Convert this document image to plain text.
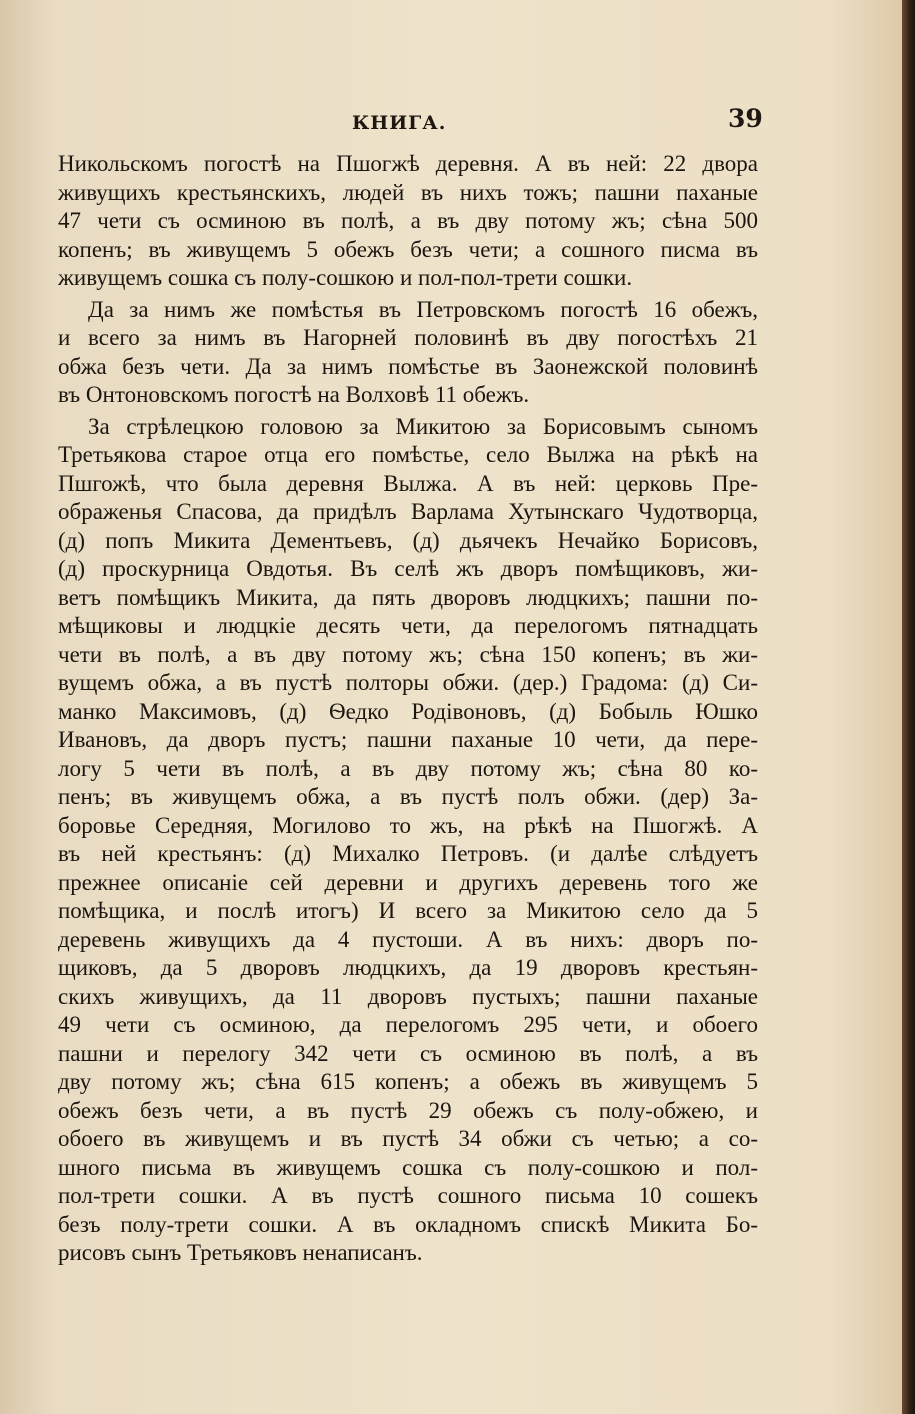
КНИГА.	39
Никольскомъ погостѣ на Пшогжѣ деревня. А въ ней: 22 двора
живущихъ крестьянскихъ, людей въ нихъ тожъ; пашни паханые
47 чети съ осминою въ полѣ, а въ дву потому жъ; сѣна 500
копенъ; въ живущемъ 5 обежъ безъ чети; а сошного писма въ
живущемъ сошка съ полу-сошкою и пол-пол-трети сошки.
Да за нимъ же помѣстья въ Петровскомъ погостѣ 16 обежъ,
и всего за нимъ въ Нагорней половинѣ въ дву погостѣхъ 21
обжа безъ чети. Да за нимъ помѣстье въ Заонежской половинѣ
въ Онтоновскомъ погостѣ на Волховѣ 11 обежъ.
За стрѣлецкою головою за Микитою за Борисовымъ сыномъ
Третьякова старое отца его помѣстье, село Вылжа на рѣкѣ на
Пшгожѣ, что была деревня Вылжа. А въ ней: церковь Пре-
ображенья Спасова, да придѣлъ Варлама Хутынскаго Чудотворца,
(д) попъ Микита Дементьевъ, (д) дьячекъ Нечайко Борисовъ,
(д) проскурница Овдотья. Въ селѣ жъ дворъ помѣщиковъ, жи-
ветъ помѣщикъ Микита, да пять дворовъ людцкихъ; пашни по-
мѣщиковы и людцкіе десять чети, да перелогомъ пятнадцать
чети въ полѣ, а въ дву потому жъ; сѣна 150 копенъ; въ жи-
вущемъ обжа, а въ пустѣ полторы обжи. (дер.) Градома: (д) Си-
манко Максимовъ, (д) Ѳедко Родівоновъ, (д) Бобыль Юшко
Ивановъ, да дворъ пустъ; пашни паханые 10 чети, да пере-
логу 5 чети въ полѣ, а въ дву потому жъ; сѣна 80 ко-
пенъ; въ живущемъ обжа, а въ пустѣ полъ обжи. (дер) За-
боровье Середняя, Могилово то жъ, на рѣкѣ на Пшогжѣ. А
въ ней крестьянъ: (д) Михалко Петровъ. (и далѣе слѣдуетъ
прежнее описаніе сей деревни и другихъ деревень того же
помѣщика, и послѣ итогъ) И всего за Микитою село да 5
деревень живущихъ да 4 пустоши. А въ нихъ: дворъ по-
щиковъ, да 5 дворовъ людцкихъ, да 19 дворовъ крестьян-
скихъ живущихъ, да 11 дворовъ пустыхъ; пашни паханые
49 чети съ осминою, да перелогомъ 295 чети, и обоего
пашни и перелогу 342 чети съ осминою въ полѣ, а въ
дву потому жъ; сѣна 615 копенъ; а обежъ въ живущемъ 5
обежъ безъ чети, а въ пустѣ 29 обежъ съ полу-обжею, и
обоего въ живущемъ и въ пустѣ 34 обжи съ четью; а со-
шного письма въ живущемъ сошка съ полу-сошкою и пол-
пол-трети сошки. А въ пустѣ сошного письма 10 сошекъ
безъ полу-трети сошки. А въ окладномъ спискѣ Микита Бо-
рисовъ сынъ Третьяковъ ненаписанъ.
